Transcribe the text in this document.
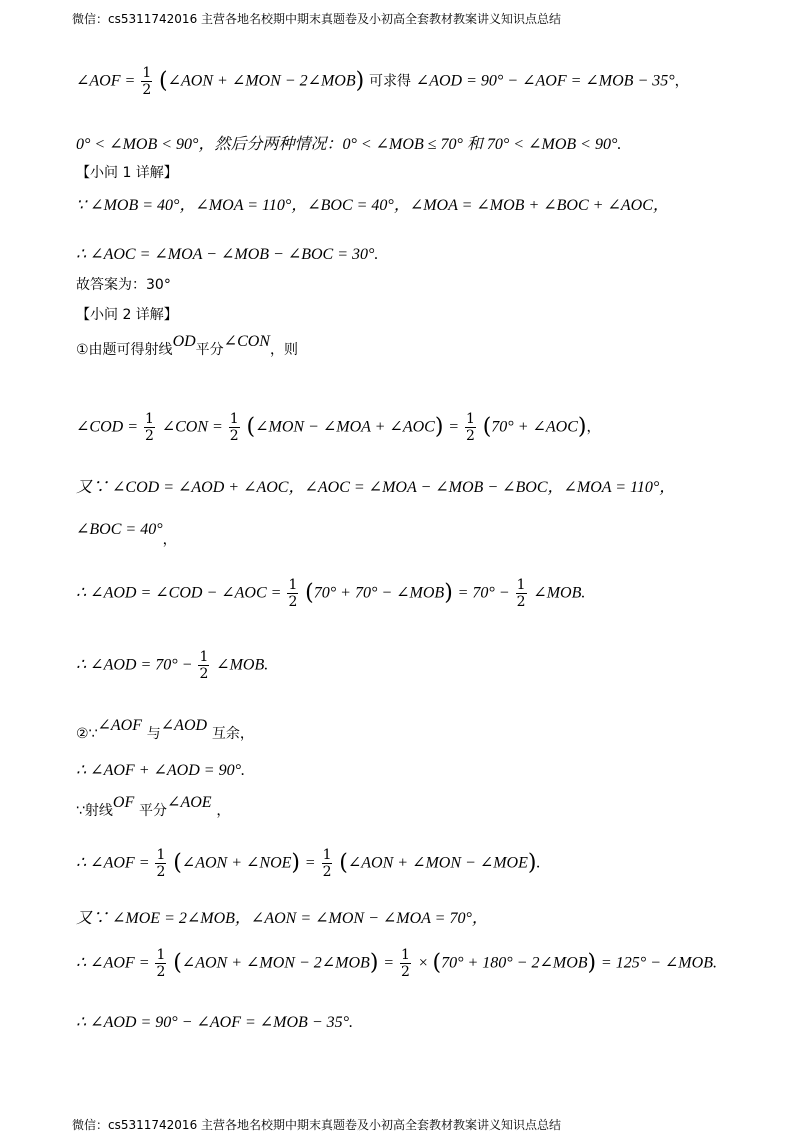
微信：cs5311742016 主营各地名校期中期末真题卷及小初高全套教材教案讲义知识点总结
∠AOF = $\frac{1}{2}$ (∠AON + ∠MON − 2∠MOB) 可求得 ∠AOD = 90° − ∠AOF = ∠MOB − 35°，
0° < ∠MOB < 90°，然后分两种情况：0° < ∠MOB ≤ 70° 和 70° < ∠MOB < 90°.
【小问 1 详解】
∵ ∠MOB = 40°，∠MOA = 110°，∠BOC = 40°，∠MOA = ∠MOB + ∠BOC + ∠AOC，
∴ ∠AOC = ∠MOA − ∠MOB − ∠BOC = 30°.
故答案为：30°
【小问 2 详解】
①由题可得射线OD平分∠CON，则
∠COD = $\frac{1}{2}$ ∠CON = $\frac{1}{2}$ (∠MON − ∠MOA + ∠AOC) = $\frac{1}{2} (70^\circ$ + ∠AOC)，
又∵ ∠COD = ∠AOD + ∠AOC，∠AOC = ∠MOA − ∠MOB − ∠BOC，∠MOA = 110°，
∠BOC = 40°，
∴ ∠AOD = ∠COD − ∠AOC = $\frac{1}{2} (70^\circ + 70^\circ$ − ∠MOB) = $70^\circ - \frac{1}{2}$ ∠MOB.
∴ ∠AOD = $70^\circ - \frac{1}{2}$ ∠MOB.
②∵∠AOF 与∠AOD 互余，
∴ ∠AOF + ∠AOD = 90°.
∵射线OF 平分∠AOE ，
∴ ∠AOF = $\frac{1}{2}$ (∠AON + ∠NOE) = $\frac{1}{2}$ (∠AON + ∠MON − ∠MOE).
又∵ ∠MOE = 2∠MOB，∠AON = ∠MON − ∠MOA = 70°，
∴ ∠AOF = $\frac{1}{2}$ (∠AON + ∠MON − 2∠MOB) = $\frac{1}{2} \times (70^\circ + 180^\circ$ − 2∠MOB) = 125° − ∠MOB.
∴ ∠AOD = 90° − ∠AOF = ∠MOB − 35°.
微信：cs5311742016 主营各地名校期中期末真题卷及小初高全套教材教案讲义知识点总结
